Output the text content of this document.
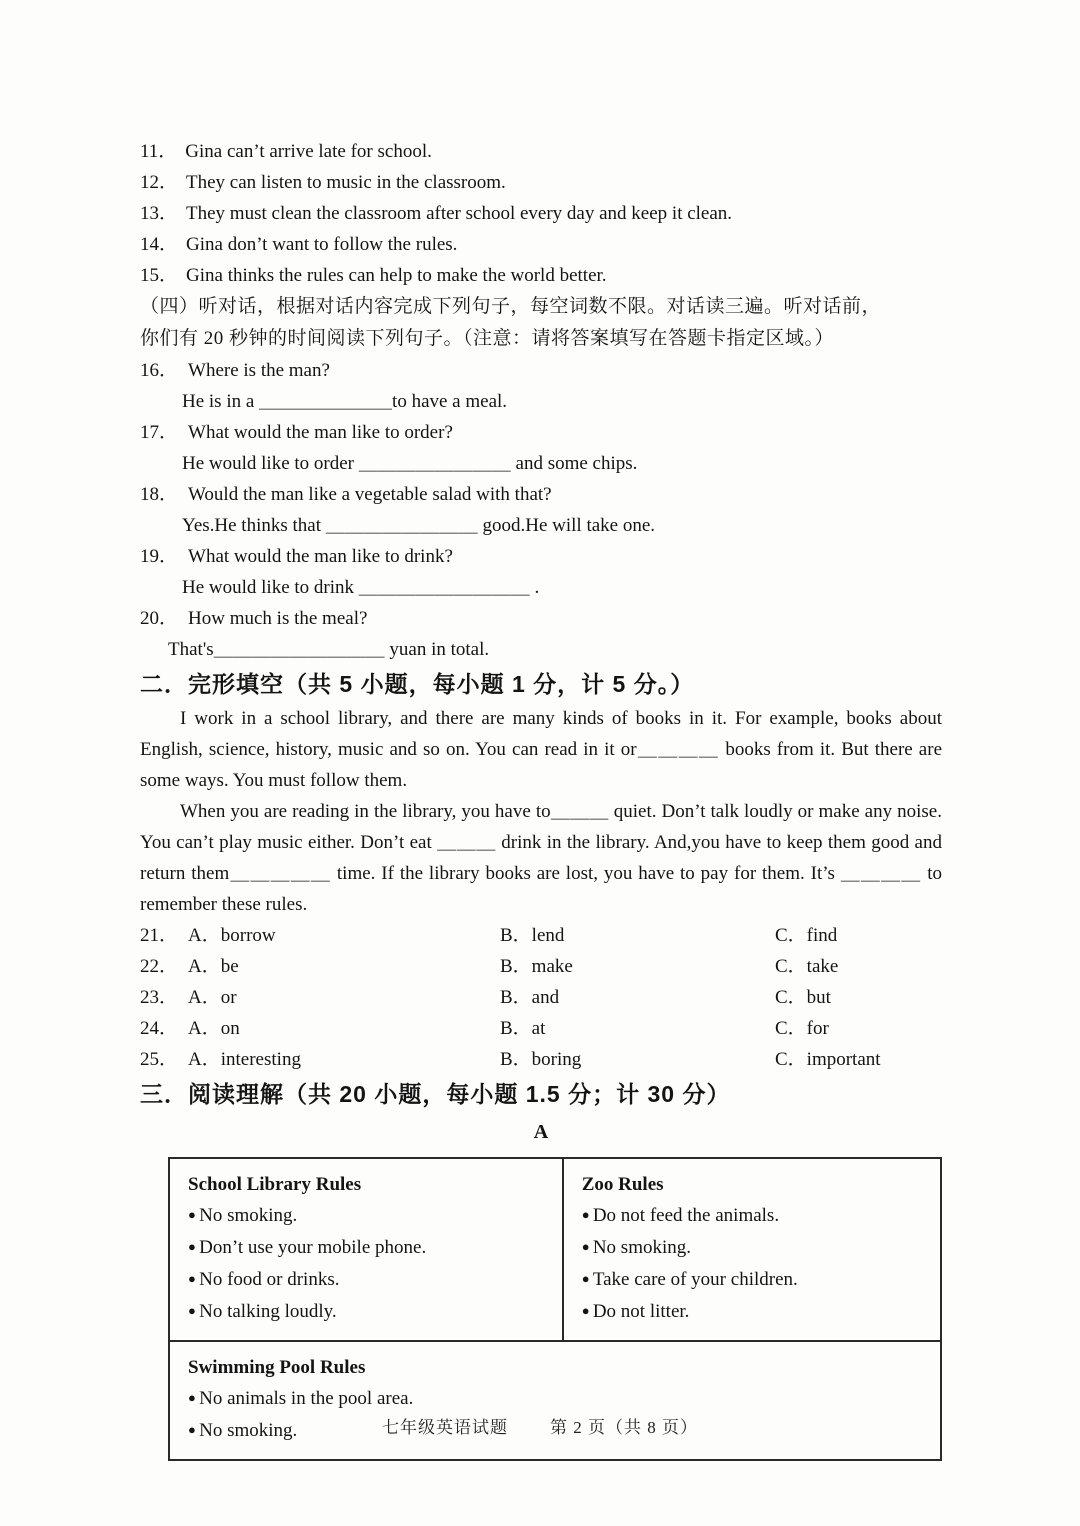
11． Gina can’t arrive late for school.
12． They can listen to music in the classroom.
13． They must clean the classroom after school every day and keep it clean.
14． Gina don’t want to follow the rules.
15． Gina thinks the rules can help to make the world better.
（四）听对话，根据对话内容完成下列句子，每空词数不限。对话读三遍。听对话前，
你们有 20 秒钟的时间阅读下列句子。（注意：请将答案填写在答题卡指定区域。）
16． Where is the man?
He is in a ＿＿＿＿＿＿＿to have a meal.
17． What would the man like to order?
He would like to order ＿＿＿＿＿＿＿＿ and some chips.
18． Would the man like a vegetable salad with that?
Yes.He thinks that ＿＿＿＿＿＿＿＿ good.He will take one.
19． What would the man like to drink?
He would like to drink ＿＿＿＿＿＿＿＿＿ .
20． How much is the meal?
That's＿＿＿＿＿＿＿＿＿ yuan in total.
二．完形填空（共 5 小题，每小题 1 分，计 5 分。）
I work in a school library, and there are many kinds of books in it. For example, books about English, science, history, music and so on. You can read in it or＿＿＿＿ books from it. But there are some ways. You must follow them.
When you are reading in the library, you have to＿＿＿ quiet. Don’t talk loudly or make any noise. You can’t play music either. Don’t eat ＿＿＿ drink in the library. And,you have to keep them good and return them＿＿＿＿＿ time. If the library books are lost, you have to pay for them. It’s ＿＿＿＿ to remember these rules.
21． A．borrow	B．lend	C．find
22． A．be	B．make	C．take
23． A．or	B．and	C．but
24． A．on	B．at	C．for
25． A．interesting	B．boring	C．important
三．阅读理解（共 20 小题，每小题 1.5 分；计 30 分）
A
School Library Rules
● No smoking.
● Don’t use your mobile phone.
● No food or drinks.
● No talking loudly.

Zoo Rules
● Do not feed the animals.
● No smoking.
● Take care of your children.
● Do not litter.

Swimming Pool Rules
● No animals in the pool area.
● No smoking.	七年级英语试题 第 2 页（共 8 页）
